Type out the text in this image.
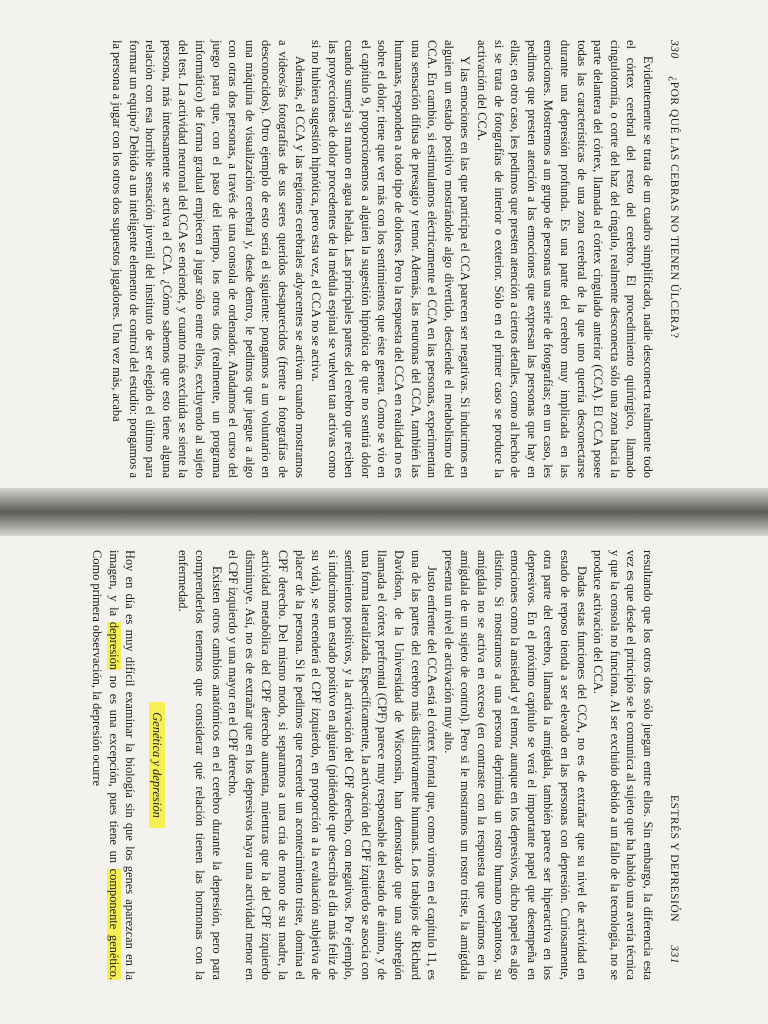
330 ¿POR QUÉ LAS CEBRAS NO TIENEN ÚLCERA?

Evidentemente se trata de un cuadro simplificado, nadie desconecta realmente todo el córtex cerebral del resto del cerebro. El procedimiento quirúrgico, llamado cingulotomía, o corte del haz del cíngulo, realmente desconecta sólo una zona hacia la parte delantera del córtex, llamada el córtex cingulado anterior (CCA). El CCA posee todas las características de una zona cerebral de la que uno querría desconectarse durante una depresión profunda. Es una parte del cerebro muy implicada en las emociones. Mostremos a un grupo de personas una serie de fotografías; en un caso, les pedimos que presten atención a las emociones que expresan las personas que hay en ellas; en otro caso, les pedimos que presten atención a ciertos detalles, como al hecho de si se trata de fotografías de interior o exterior. Sólo en el primer caso se produce la activación del CCA.

Y las emociones en las que participa el CCA parecen ser negativas. Si inducimos en alguien un estado positivo mostrándole algo divertido, desciende el metabolismo del CCA. En cambio, si estimulamos eléctricamente el CCA en las personas, experimentan una sensación difusa de presagio y temor. Además, las neuronas del CCA, también las humanas, responden a todo tipo de dolores. Pero la respuesta del CCA en realidad no es sobre el dolor; tiene que ver más con los sentimientos que éste genera. Como se vio en el capítulo 9, proporcionemos a alguien la sugestión hipnótica de que no sentirá dolor cuando sumerja su mano en agua helada. Las principales partes del cerebro que reciben las proyecciones de dolor procedentes de la médula espinal se vuelven tan activas como si no hubiera sugestión hipnótica, pero esta vez, el CCA no se activa.

Además, el CCA y las regiones cerebrales adyacentes se activan cuando mostramos a vídeos/as fotografías de sus seres queridos desaparecidos (frente a fotografías de desconocidos). Otro ejemplo de esto sería el siguiente: pongamos a un voluntario en una máquina de visualización cerebral y, desde dentro, le pedimos que juegue a algo con otras dos personas, a través de una consola de ordenador. Añadamos el curso del juego para que, con el paso del tiempo, los otros dos (realmente, un programa informático) de forma gradual empiecen a jugar sólo entre ellos, excluyendo al sujeto del test. La actividad neuronal del CCA se enciende, y cuanto más excluida se siente la persona, más intensamente se activa el CCA. ¿Cómo sabemos que esto tiene alguna relación con esa horrible sensación juvenil del instituto de ser elegido el último para formar un equipo? Debido a un inteligente elemento de control del estudio: pongamos a la persona a jugar con los otros dos supuestos jugadores. Una vez más, acaba

ESTRÉS Y DEPRESIÓN
331

resultando que los otros dos sólo juegan entre ellos. Sin embargo, la diferencia esta vez es que desde el principio se le comunica al sujeto que ha habido una avería técnica y que la consola no funciona. Al ser excluido debido a un fallo de la tecnología, no se produce activación del CCA.

Dadas estas funciones del CCA, no es de extrañar que su nivel de actividad en estado de reposo tienda a ser elevado en las personas con depresión. Curiosamente, otra parte del cerebro, llamada la amígdala, también parece ser hiperactiva en los depresivos. En el próximo capítulo se verá el importante papel que desempeña en emociones como la ansiedad y el temor, aunque en los depresivos, dicho papel es algo distinto. Si mostramos a una persona deprimida un rostro humano espantoso, su amígdala no se activa en exceso (en contraste con la respuesta que veríamos en la amígdala de un sujeto de control). Pero si le mostramos un rostro triste, la amígdala presenta un nivel de activación muy alto.

Justo enfrente del CCA está el córtex frontal que, como vimos en el capítulo 11, es una de las partes del cerebro más distintivamente humanas. Los trabajos de Richard Davidson, de la Universidad de Wisconsin, han demostrado que una subregión llamada el córtex prefrontal (CPF) parece muy responsable del estado de ánimo, y de una forma lateralizada. Específicamente, la activación del CPF izquierdo se asocia con sentimientos positivos, y la activación del CPF derecho, con negativos. Por ejemplo, si inducimos un estado positivo en alguien (pidiéndole que describa el día más feliz de su vida), se encenderá el CPF izquierdo, en proporción a la evaluación subjetiva de placer de la persona. Si le pedimos que recuerde un acontecimiento triste, domina el CPF derecho. Del mismo modo, si separamos a una cría de mono de su madre, la actividad metabólica del CPF derecho aumenta, mientras que la del CPF izquierdo disminuye. Así, no es de extrañar que en los depresivos haya una actividad menor en el CPF izquierdo y una mayor en el CPF derecho.

Existen otros cambios anatómicos en el cerebro durante la depresión, pero para comprenderlos tenemos que considerar qué relación tienen las hormonas con la enfermedad.

Genética y depresión

Hoy en día es muy difícil examinar la biología sin que los genes aparezcan en la imagen, y la depresión no es una excepción, pues tiene un componente genético. Como primera observación, la depresión ocurre
